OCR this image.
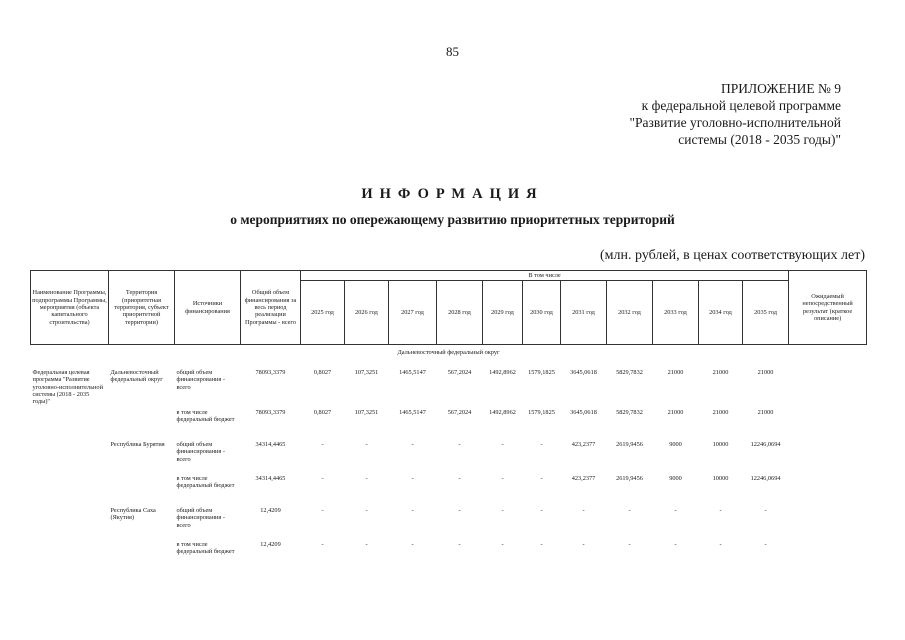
85
ПРИЛОЖЕНИЕ № 9
к федеральной целевой программе
"Развитие уголовно-исполнительной
системы (2018 - 2035 годы)"
ИНФОРМАЦИЯ
о мероприятиях по опережающему развитию приоритетных территорий
(млн. рублей, в ценах соответствующих лет)
Наименование Программы, подпрограммы Программы, мероприятия (объекта капитального строительства)	Территория (приоритетная территория, субъект приоритетной территории)	Источники финансирования	Общий объем финансирования за весь период реализации Программы - всего	В том числе											Ожидаемый непосредственный результат (краткое описание)
				2025 год	2026 год	2027 год	2028 год	2029 год	2030 год	2031 год	2032 год	2033 год	2034 год	2035 год	
Дальневосточный федеральный округ															
Федеральная целевая программа "Развитие уголовно-исполнительной системы (2018 - 2035 годы)"	Дальневосточный федеральный округ	общий объем финансирования - всего	78093,3379	0,8027	107,3251	1465,5147	567,2024	1492,8962	1579,1825	3645,0618	5829,7832	21000	21000	21000	
		в том числе федеральный бюджет	78093,3379	0,8027	107,3251	1465,5147	567,2024	1492,8962	1579,1825	3645,0618	5829,7832	21000	21000	21000	
	Республика Бурятия	общий объем финансирования - всего	34314,4465	-	-	-	-	-	-	423,2377	2619,9456	9000	10000	12246,0694	
		в том числе федеральный бюджет	34314,4465	-	-	-	-	-	-	423,2377	2619,9456	9000	10000	12246,0694	
	Республика Саха (Якутия)	общий объем финансирования - всего	12,4209	-	-	-	-	-	-	-	-	-	-	-	
		в том числе федеральный бюджет	12,4209	-	-	-	-	-	-	-	-	-	-	-	
